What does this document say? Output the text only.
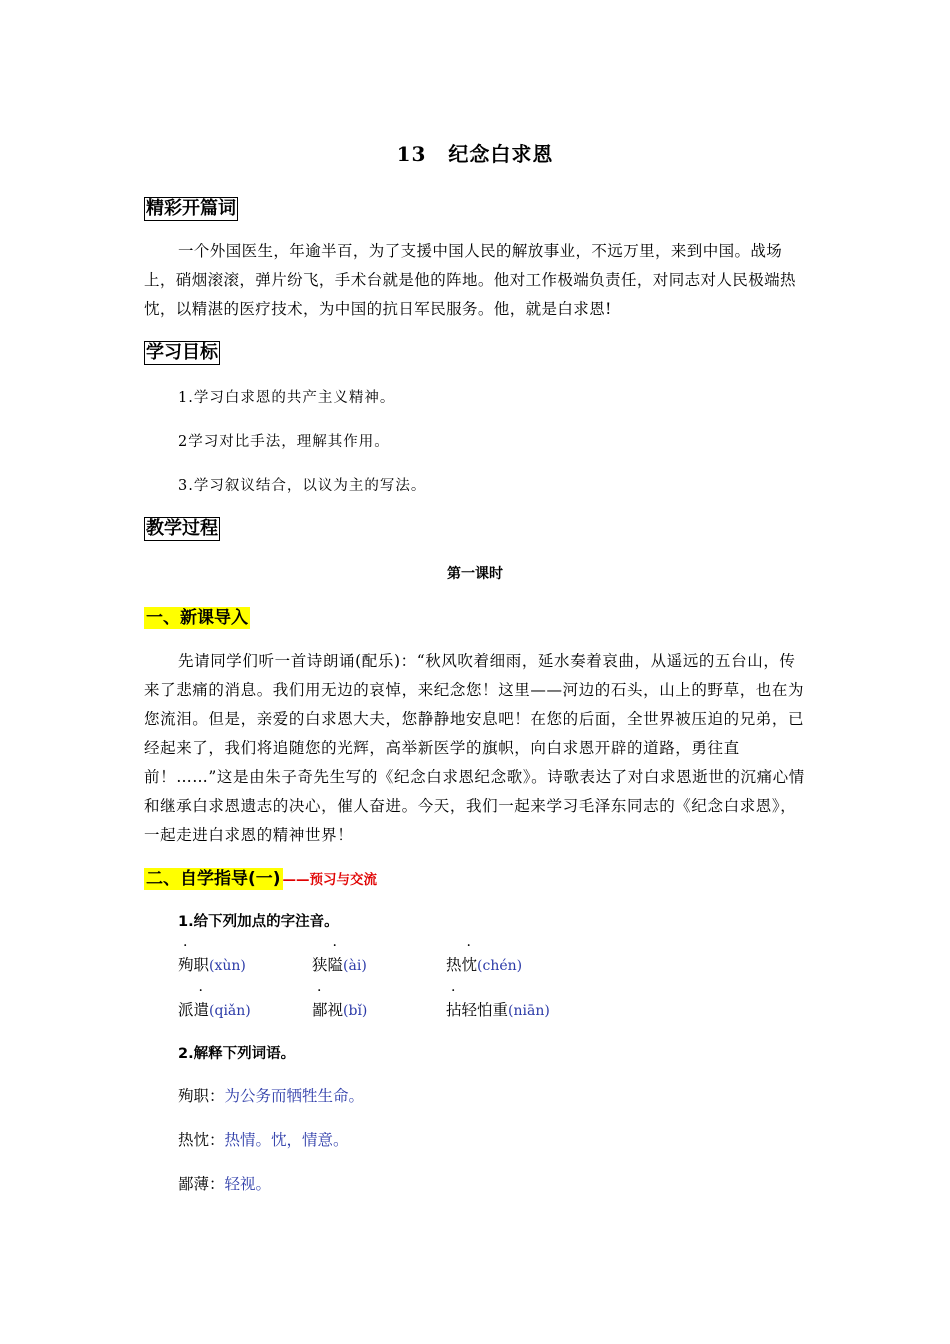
13 纪念白求恩
精彩开篇词
一个外国医生，年逾半百，为了支援中国人民的解放事业，不远万里，来到中国。战场上，硝烟滚滚，弹片纷飞，手术台就是他的阵地。他对工作极端负责任，对同志对人民极端热忱，以精湛的医疗技术，为中国的抗日军民服务。他，就是白求恩!
学习目标
1.学习白求恩的共产主义精神。
2学习对比手法，理解其作用。
3.学习叙议结合，以议为主的写法。
教学过程
第一课时
一、新课导入
先请同学们听一首诗朗诵(配乐)：“秋风吹着细雨，延水奏着哀曲，从遥远的五台山，传来了悲痛的消息。我们用无边的哀悼，来纪念您！这里——河边的石头，山上的野草，也在为您流泪。但是，亲爱的白求恩大夫，您静静地安息吧！在您的后面，全世界被压迫的兄弟，已经起来了，我们将追随您的光辉，高举新医学的旗帜，向白求恩开辟的道路，勇往直前！……”这是由朱子奇先生写的《纪念白求恩纪念歌》。诗歌表达了对白求恩逝世的沉痛心情和继承白求恩遗志的决心，催人奋进。今天，我们一起来学习毛泽东同志的《纪念白求恩》，一起走进白求恩的精神世界！
二、自学指导(一) ——预习与交流
1.给下列加点的字注音。
殉职(xùn)	狭隘(ài)	热忱(chén)
派遣(qiǎn)	鄙视(bǐ)	拈轻怕重(niān)
2.解释下列词语。
殉职：为公务而牺牲生命。
热忱：热情。忱，情意。
鄙薄：轻视。
